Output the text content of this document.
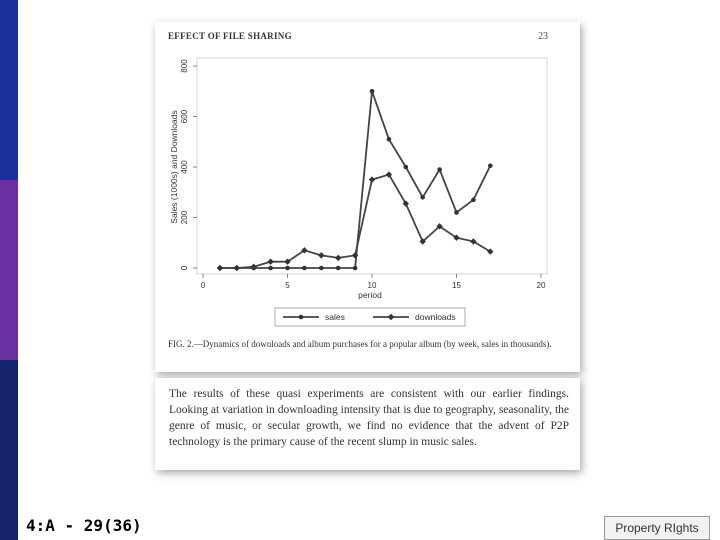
EFFECT OF FILE SHARING	23
0
200
400
600
800
0	5	10	15	20
period
Sales (1000s) and Downloads
sales	downloads
FIG. 2.—Dynamics of downloads and album purchases for a popular album (by week, sales in thousands).
The results of these quasi experiments are consistent with our earlier findings. Looking at variation in downloading intensity that is due to geography, seasonality, the genre of music, or secular growth, we find no evidence that the advent of P2P technology is the primary cause of the recent slump in music sales.
4:A - 29(36)	Property RIghts
